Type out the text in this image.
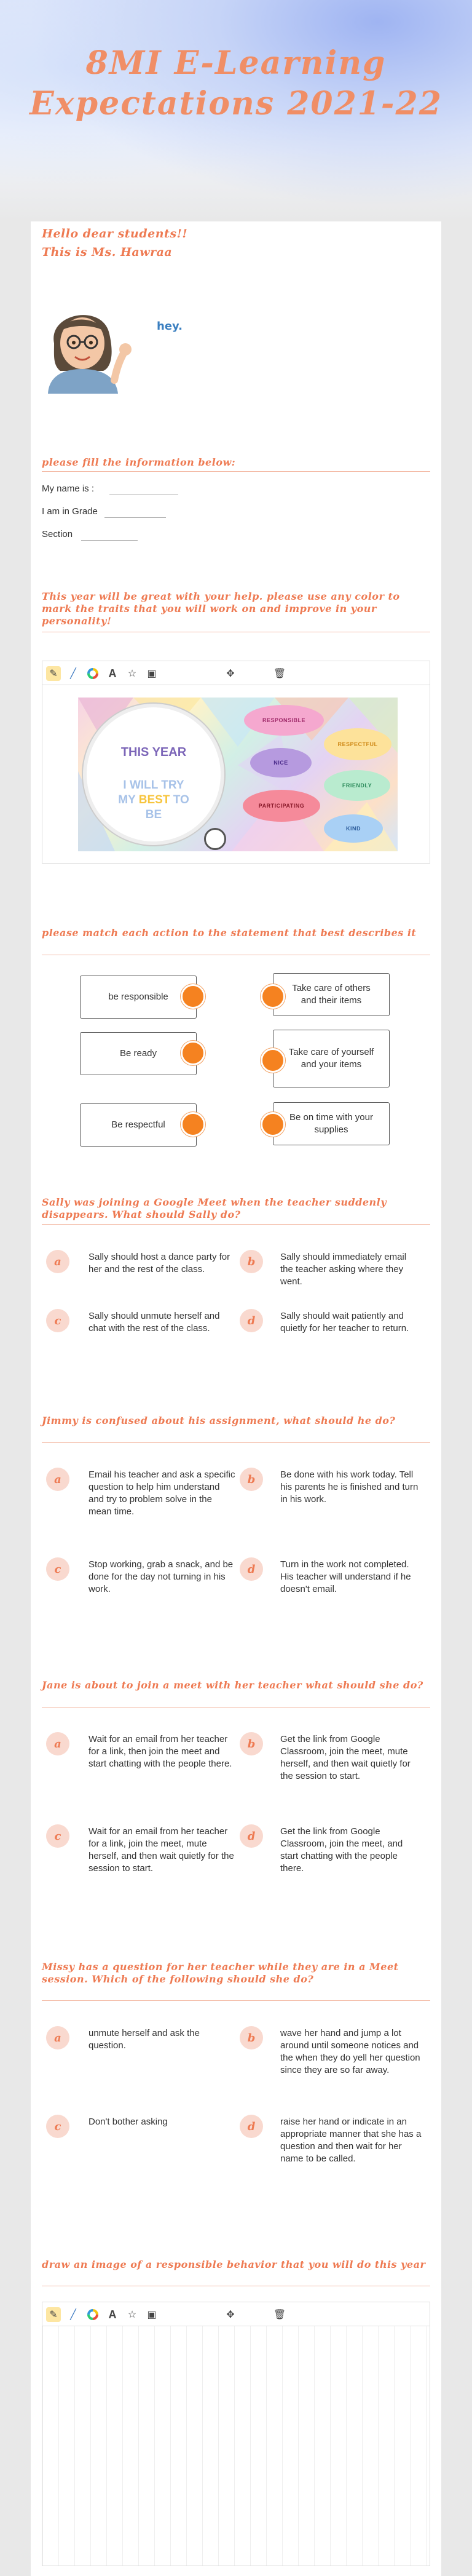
8MI E-Learning Expectations 2021-22
Hello dear students!!
This is Ms. Hawraa
hey.
please fill the information below:
My name is :
I am in Grade
Section
This year will be great with your help. please use any color to mark the traits that you will work on and improve in your personality!
✎	╱	A	☆	▣	✥	🗑
THIS YEAR
I WILL TRY
MY BEST TO
BE
RESPONSIBLE
RESPECTFUL
NICE
FRIENDLY
PARTICIPATING
KIND
please match each action to the statement that best describes it
be responsible
Be ready
Be respectful
Take care of others and their items
Take care of yourself and your items
Be on time with your supplies
Sally was joining a Google Meet when the teacher suddenly disappears. What should Sally do?
a	Sally should host a dance party for her and the rest of the class.
b	Sally should immediately email the teacher asking where they went.
c	Sally should unmute herself and chat with the rest of the class.
d	Sally should wait patiently and quietly for her teacher to return.
Jimmy is confused about his assignment, what should he do?
a	Email his teacher and ask a specific question to help him understand and try to problem solve in the mean time.
b	Be done with his work today. Tell his parents he is finished and turn in his work.
c	Stop working, grab a snack, and be done for the day not turning in his work.
d	Turn in the work not completed. His teacher will understand if he doesn't email.
Jane is about to join a meet with her teacher what should she do?
a	Wait for an email from her teacher for a link, then join the meet and start chatting with the people there.
b	Get the link from Google Classroom, join the meet, mute herself, and then wait quietly for the session to start.
c	Wait for an email from her teacher for a link, join the meet, mute herself, and then wait quietly for the session to start.
d	Get the link from Google Classroom, join the meet, and start chatting with the people there.
Missy has a question for her teacher while they are in a Meet session. Which of the following should she do?
a	unmute herself and ask the question.
b	wave her hand and jump a lot around until someone notices and the when they do yell her question since they are so far away.
c	Don't bother asking	d	raise her hand or indicate in an appropriate manner that she has a question and then wait for her name to be called.
draw an image of a responsible behavior that you will do this year
✎	╱	A	☆	▣	✥	🗑
